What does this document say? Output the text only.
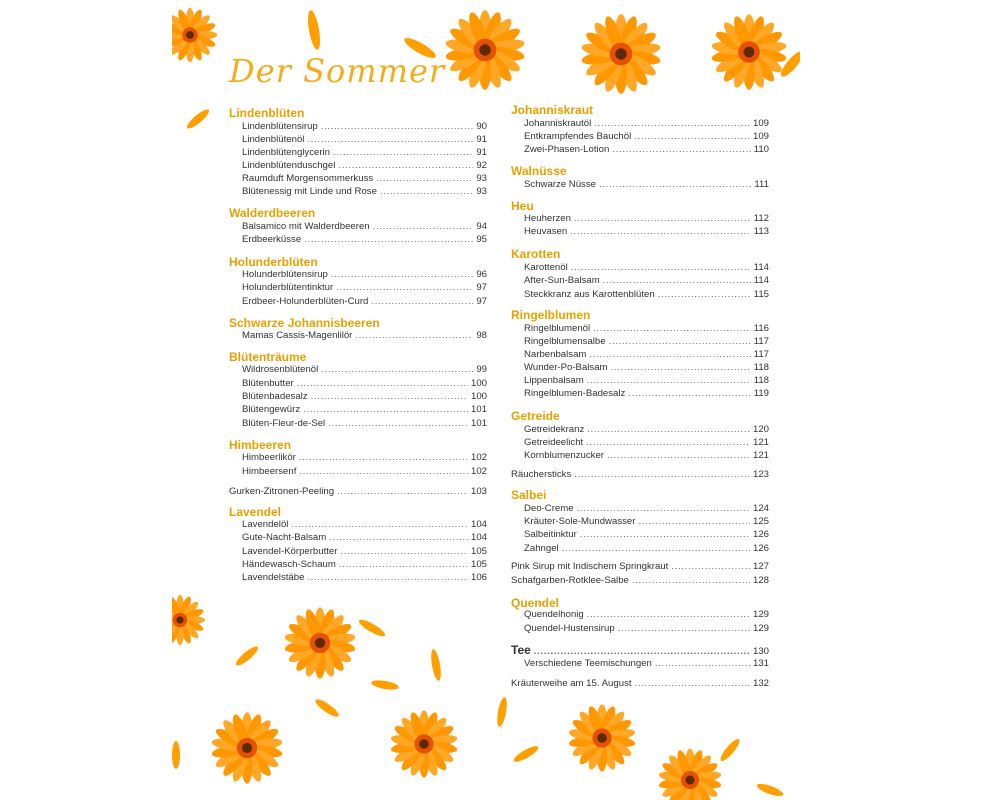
Der Sommer
Lindenblüten
Lindenblütensirup . . .	90
Lindenblütenöl . . .	91
Lindenblütenglycerin . . .	91
Lindenblütenduschgel . . .	92
Raumduft Morgensommerkuss . . .	93
Blütenessig mit Linde und Rose . . .	93
Walderdbeeren
Balsamico mit Walderdbeeren . . .	94
Erdbeerküsse . . .	95
Holunderblüten
Holunderblütensirup . . .	96
Holunderblütentinktur . . .	97
Erdbeer-Holunderblüten-Curd . . .	97
Schwarze Johannisbeeren
Mamas Cassis-Magenlilör . . .	98
Blütenträume
Wildrosenblütenöl . . .	99
Blütenbutter . . .	100
Blütenbadesalz . . .	100
Blütengewürz . . .	101
Blüten-Fleur-de-Sel . . .	101
Himbeeren
Himbeerlikör . . .	102
Himbeersenf . . .	102
Gurken-Zitronen-Peeling . . .	103
Lavendel
Lavendelöl . . .	104
Gute-Nacht-Balsam . . .	104
Lavendel-Körperbutter . . .	105
Händewasch-Schaum . . .	105
Lavendelstäbe . . .	106
Johanniskraut
Johanniskrautöl . . .	109
Entkrampfendes Bauchöl . . .	109
Zwei-Phasen-Lotion . . .	110
Walnüsse
Schwarze Nüsse . . .	111
Heu
Heuherzen . . .	112
Heuvasen . . .	113
Karotten
Karottenöl . . .	114
After-Sun-Balsam . . .	114
Steckkranz aus Karottenblüten . . .	115
Ringelblumen
Ringelblumenöl . . .	116
Ringelblumensalbe . . .	117
Narbenbalsam . . .	117
Wunder-Po-Balsam . . .	118
Lippenbalsam . . .	118
Ringelblumen-Badesalz . . .	119
Getreide
Getreidekranz . . .	120
Getreideelicht . . .	121
Kornblumenzucker . . .	121
Räuchersticks . . .	123
Salbei
Deo-Creme . . .	124
Kräuter-Sole-Mundwasser . . .	125
Salbeitinktur . . .	126
Zahngel . . .	126
Pink Sirup mit Indischem Springkraut . . .	127
Schafgarben-Rotklee-Salbe . . .	128
Quendel
Quendelhonig . . .	129
Quendel-Hustensirup . . .	129
Tee . . .	130
Verschiedene Teemischungen . . .	131
Kräuterweihe am 15. August . . .	132
